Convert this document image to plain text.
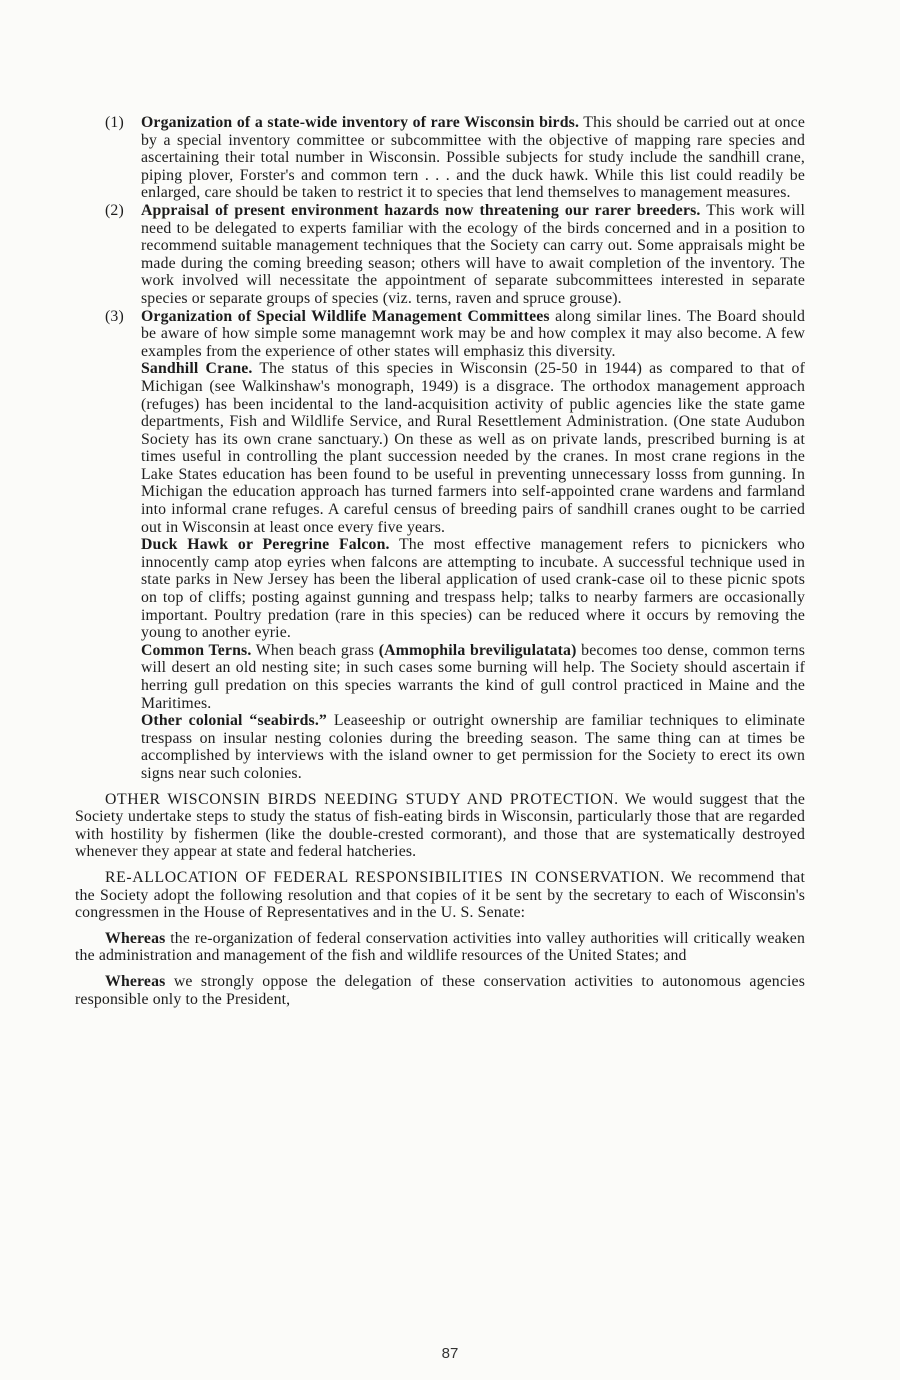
(1) Organization of a state-wide inventory of rare Wisconsin birds. This should be carried out at once by a special inventory committee or subcommittee with the objective of mapping rare species and ascertaining their total number in Wisconsin. Possible subjects for study include the sandhill crane, piping plover, Forster's and common tern . . . and the duck hawk. While this list could readily be enlarged, care should be taken to restrict it to species that lend themselves to management measures.

(2) Appraisal of present environment hazards now threatening our rarer breeders. This work will need to be delegated to experts familiar with the ecology of the birds concerned and in a position to recommend suitable management techniques that the Society can carry out. Some appraisals might be made during the coming breeding season; others will have to await completion of the inventory. The work involved will necessitate the appointment of separate subcommittees interested in separate species or separate groups of species (viz. terns, raven and spruce grouse).

(3) Organization of Special Wildlife Management Committees along similar lines. The Board should be aware of how simple some managemnt work may be and how complex it may also become. A few examples from the experience of other states will emphasiz this diversity.

Sandhill Crane. The status of this species in Wisconsin (25-50 in 1944) as compared to that of Michigan (see Walkinshaw's monograph, 1949) is a disgrace. The orthodox management approach (refuges) has been incidental to the land-acquisition activity of public agencies like the state game departments, Fish and Wildlife Service, and Rural Resettlement Administration. (One state Audubon Society has its own crane sanctuary.) On these as well as on private lands, prescribed burning is at times useful in controlling the plant succession needed by the cranes. In most crane regions in the Lake States education has been found to be useful in preventing unnecessary losss from gunning. In Michigan the education approach has turned farmers into self-appointed crane wardens and farmland into informal crane refuges. A careful census of breeding pairs of sandhill cranes ought to be carried out in Wisconsin at least once every five years.

Duck Hawk or Peregrine Falcon. The most effective management refers to picnickers who innocently camp atop eyries when falcons are attempting to incubate. A successful technique used in state parks in New Jersey has been the liberal application of used crank-case oil to these picnic spots on top of cliffs; posting against gunning and trespass help; talks to nearby farmers are occasionally important. Poultry predation (rare in this species) can be reduced where it occurs by removing the young to another eyrie.

Common Terns. When beach grass (Ammophila breviligulatata) becomes too dense, common terns will desert an old nesting site; in such cases some burning will help. The Society should ascertain if herring gull predation on this species warrants the kind of gull control practiced in Maine and the Maritimes.

Other colonial “seabirds.” Leaseeship or outright ownership are familiar techniques to eliminate trespass on insular nesting colonies during the breeding season. The same thing can at times be accomplished by interviews with the island owner to get permission for the Society to erect its own signs near such colonies.

OTHER WISCONSIN BIRDS NEEDING STUDY AND PROTECTION. We would suggest that the Society undertake steps to study the status of fish-eating birds in Wisconsin, particularly those that are regarded with hostility by fishermen (like the double-crested cormorant), and those that are systematically destroyed whenever they appear at state and federal hatcheries.

RE-ALLOCATION OF FEDERAL RESPONSIBILITIES IN CONSERVATION. We recommend that the Society adopt the following resolution and that copies of it be sent by the secretary to each of Wisconsin's congressmen in the House of Representatives and in the U. S. Senate:

Whereas the re-organization of federal conservation activities into valley authorities will critically weaken the administration and management of the fish and wildlife resources of the United States; and

Whereas we strongly oppose the delegation of these conservation activities to autonomous agencies responsible only to the President,

87
